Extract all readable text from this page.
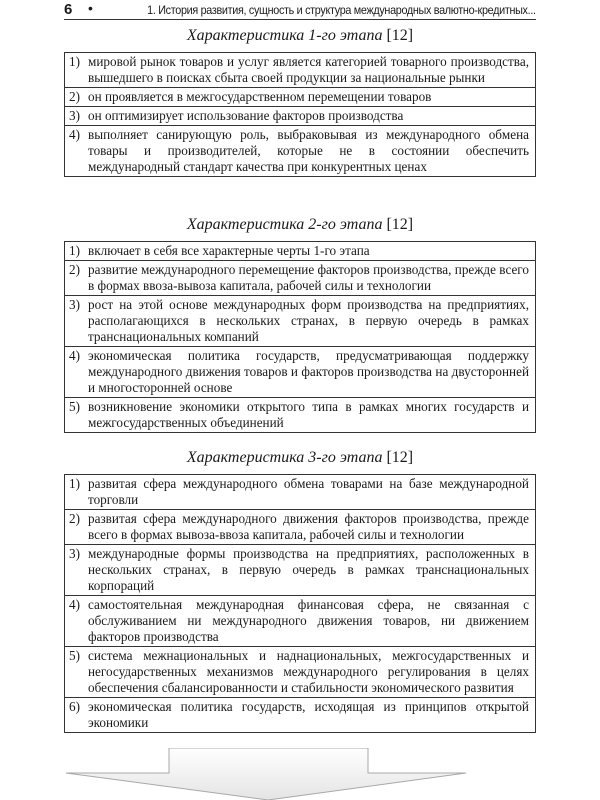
6 •	1. История развития, сущность и структура международных валютно-кредитных...
Характеристика 1-го этапа [12]
1) мировой рынок товаров и услуг является категорией товарного производства, вышедшего в поисках сбыта своей продукции за национальные рынки

2) он проявляется в межгосударственном перемещении товаров

3) он оптимизирует использование факторов производства

4) выполняет санирующую роль, выбраковывая из международного обмена товары и производителей, которые не в состоянии обеспечить международный стандарт качества при конкурентных ценах
Характеристика 2-го этапа [12]
1) включает в себя все характерные черты 1-го этапа

2) развитие международного перемещение факторов производства, прежде всего в формах ввоза-вывоза капитала, рабочей силы и технологии

3) рост на этой основе международных форм производства на предприятиях, располагающихся в нескольких странах, в первую очередь в рамках транснациональных компаний

4) экономическая политика государств, предусматривающая поддержку международного движения товаров и факторов производства на двусторонней и многосторонней основе

5) возникновение экономики открытого типа в рамках многих государств и межгосударственных объединений
Характеристика 3-го этапа [12]
1) развитая сфера международного обмена товарами на базе международной торговли

2) развитая сфера международного движения факторов производства, прежде всего в формах вывоза-ввоза капитала, рабочей силы и технологии

3) международные формы производства на предприятиях, расположенных в нескольких странах, в первую очередь в рамках транснациональных корпораций

4) самостоятельная международная финансовая сфера, не связанная с обслуживанием ни международного движения товаров, ни движением факторов производства

5) система межнациональных и наднациональных, межгосударственных и негосударственных механизмов международного регулирования в целях обеспечения сбалансированности и стабильности экономического развития

6) экономическая политика государств, исходящая из принципов открытой экономики
